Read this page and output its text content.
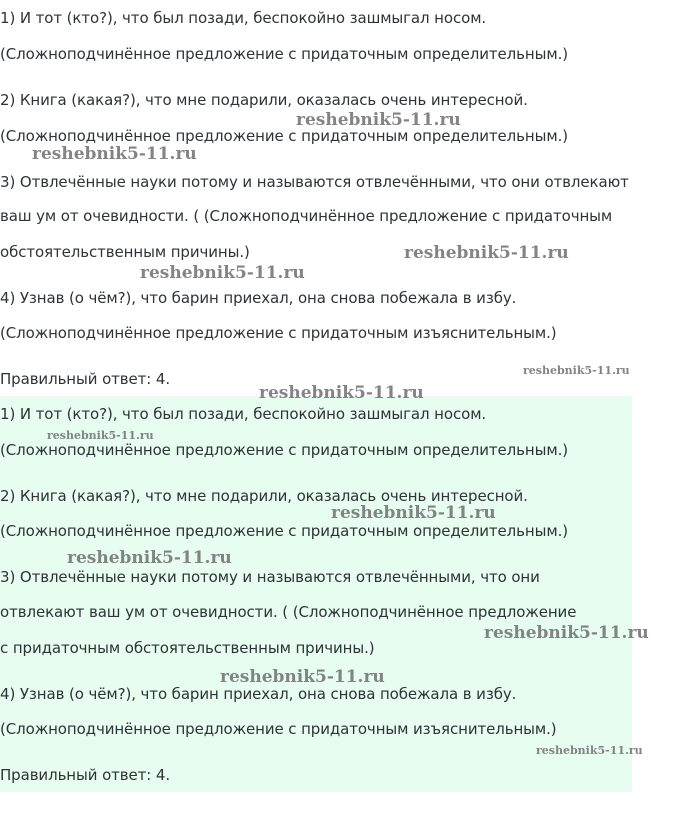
1) И тот (кто?), что был позади, беспокойно зашмыгал носом.
(Сложноподчинённое предложение с придаточным определительным.)
2) Книга (какая?), что мне подарили, оказалась очень интересной.
(Сложноподчинённое предложение с придаточным определительным.)
3) Отвлечённые науки потому и называются отвлечёнными, что они отвлекают
ваш ум от очевидности. ( (Сложноподчинённое предложение с придаточным
обстоятельственным причины.)
4) Узнав (о чём?), что барин приехал, она снова побежала в избу.
(Сложноподчинённое предложение с придаточным изъяснительным.)
Правильный ответ: 4.
1) И тот (кто?), что был позади, беспокойно зашмыгал носом.
(Сложноподчинённое предложение с придаточным определительным.)
2) Книга (какая?), что мне подарили, оказалась очень интересной.
(Сложноподчинённое предложение с придаточным определительным.)
3) Отвлечённые науки потому и называются отвлечёнными, что они
отвлекают ваш ум от очевидности. ( (Сложноподчинённое предложение
с придаточным обстоятельственным причины.)
4) Узнав (о чём?), что барин приехал, она снова побежала в избу.
(Сложноподчинённое предложение с придаточным изъяснительным.)
Правильный ответ: 4.
reshebnik5-11.ru
reshebnik5-11.ru
reshebnik5-11.ru
reshebnik5-11.ru
reshebnik5-11.ru
reshebnik5-11.ru
reshebnik5-11.ru
reshebnik5-11.ru
reshebnik5-11.ru
reshebnik5-11.ru
reshebnik5-11.ru
reshebnik5-11.ru
